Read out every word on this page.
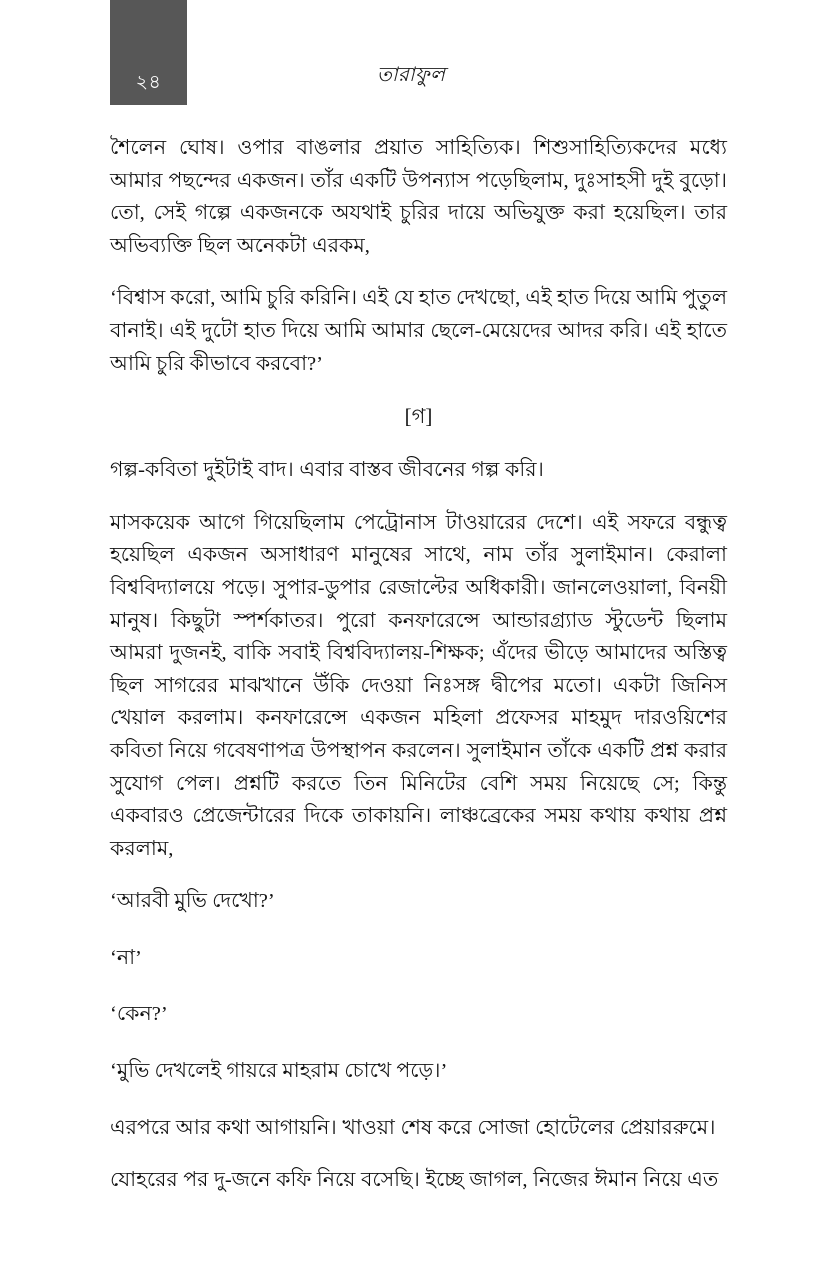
২৪	তারাফুল

শৈলেন ঘোষ। ওপার বাঙলার প্রয়াত সাহিত্যিক। শিশুসাহিত্যিকদের মধ্যে আমার পছন্দের একজন। তাঁর একটি উপন্যাস পড়েছিলাম, দুঃসাহসী দুই বুড়ো। তো, সেই গল্পে একজনকে অযথাই চুরির দায়ে অভিযুক্ত করা হয়েছিল। তার অভিব্যক্তি ছিল অনেকটা এরকম,

‘বিশ্বাস করো, আমি চুরি করিনি। এই যে হাত দেখছো, এই হাত দিয়ে আমি পুতুল বানাই। এই দুটো হাত দিয়ে আমি আমার ছেলে-মেয়েদের আদর করি। এই হাতে আমি চুরি কীভাবে করবো?’

[গ]

গল্প-কবিতা দুইটাই বাদ। এবার বাস্তব জীবনের গল্প করি।

মাসকয়েক আগে গিয়েছিলাম পেট্রোনাস টাওয়ারের দেশে। এই সফরে বন্ধুত্ব হয়েছিল একজন অসাধারণ মানুষের সাথে, নাম তাঁর সুলাইমান। কেরালা বিশ্ববিদ্যালয়ে পড়ে। সুপার-ডুপার রেজাল্টের অধিকারী। জানলেওয়ালা, বিনয়ী মানুষ। কিছুটা স্পর্শকাতর। পুরো কনফারেন্সে আন্ডারগ্র্যাড স্টুডেন্ট ছিলাম আমরা দুজনই, বাকি সবাই বিশ্ববিদ্যালয়-শিক্ষক; এঁদের ভীড়ে আমাদের অস্তিত্ব ছিল সাগরের মাঝখানে উঁকি দেওয়া নিঃসঙ্গ দ্বীপের মতো। একটা জিনিস খেয়াল করলাম। কনফারেন্সে একজন মহিলা প্রফেসর মাহমুদ দারওয়িশের কবিতা নিয়ে গবেষণাপত্র উপস্থাপন করলেন। সুলাইমান তাঁকে একটি প্রশ্ন করার সুযোগ পেল। প্রশ্নটি করতে তিন মিনিটের বেশি সময় নিয়েছে সে; কিন্তু একবারও প্রেজেন্টারের দিকে তাকায়নি। লাঞ্চব্রেকের সময় কথায় কথায় প্রশ্ন করলাম,

‘আরবী মুভি দেখো?’

‘না’

‘কেন?’

‘মুভি দেখলেই গায়রে মাহরাম চোখে পড়ে।’

এরপরে আর কথা আগায়নি। খাওয়া শেষ করে সোজা হোটেলের প্রেয়াররুমে।

যোহরের পর দু-জনে কফি নিয়ে বসেছি। ইচ্ছে জাগল, নিজের ঈমান নিয়ে এত
